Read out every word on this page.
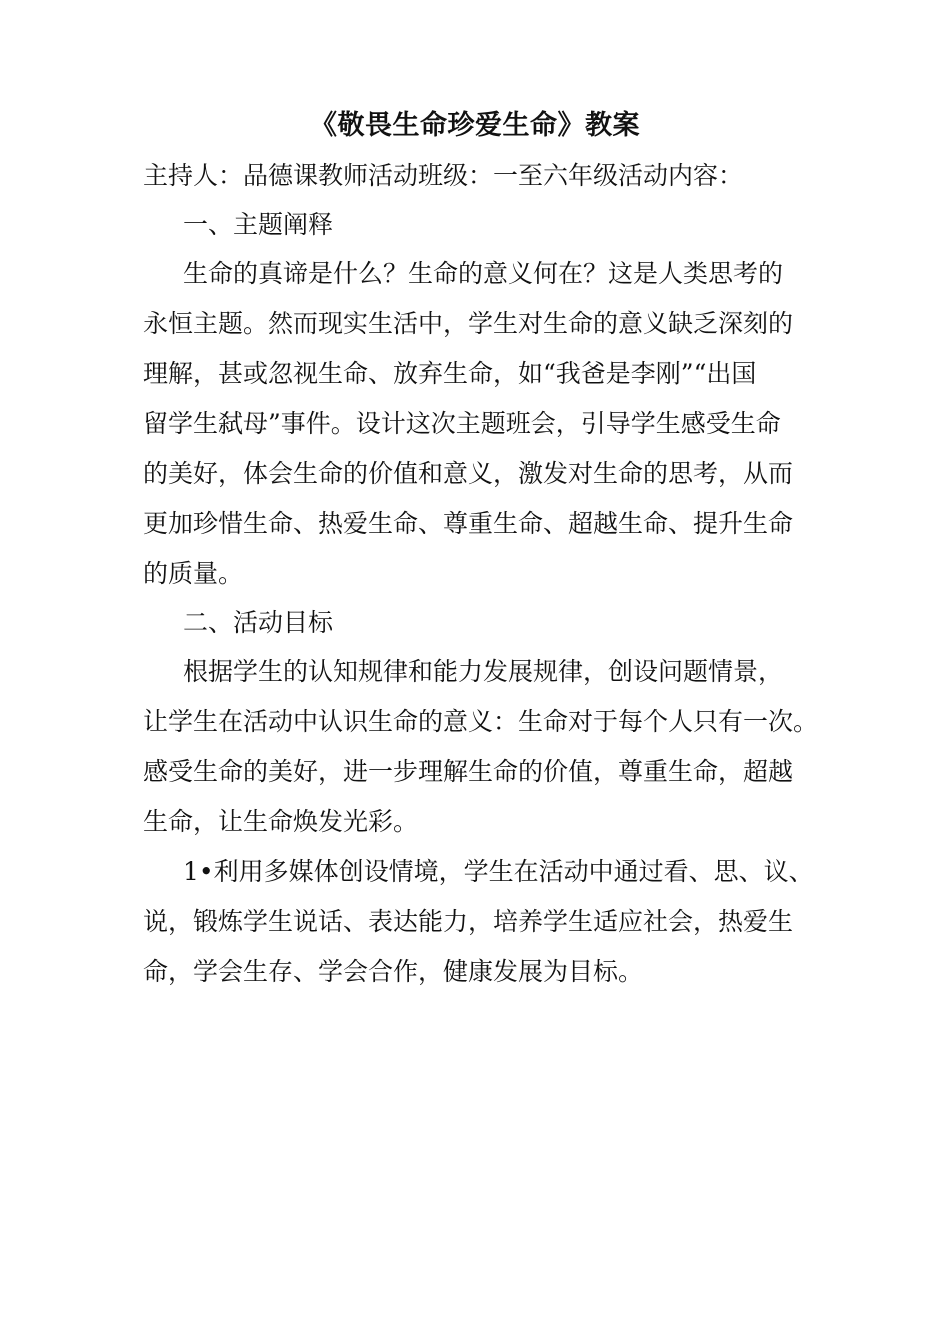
《敬畏生命珍爱生命》教案
主持人：品德课教师活动班级：一至六年级活动内容：
一、主题阐释
生命的真谛是什么？生命的意义何在？这是人类思考的
永恒主题。然而现实生活中，学生对生命的意义缺乏深刻的
理解，甚或忽视生命、放弃生命，如“我爸是李刚”“出国
留学生弑母”事件。设计这次主题班会，引导学生感受生命
的美好，体会生命的价值和意义，激发对生命的思考，从而
更加珍惜生命、热爱生命、尊重生命、超越生命、提升生命
的质量。
二、活动目标
根据学生的认知规律和能力发展规律，创设问题情景，
让学生在活动中认识生命的意义：生命对于每个人只有一次。
感受生命的美好，进一步理解生命的价值，尊重生命，超越
生命，让生命焕发光彩。
1•利用多媒体创设情境，学生在活动中通过看、思、议、
说，锻炼学生说话、表达能力，培养学生适应社会，热爱生
命，学会生存、学会合作，健康发展为目标。
